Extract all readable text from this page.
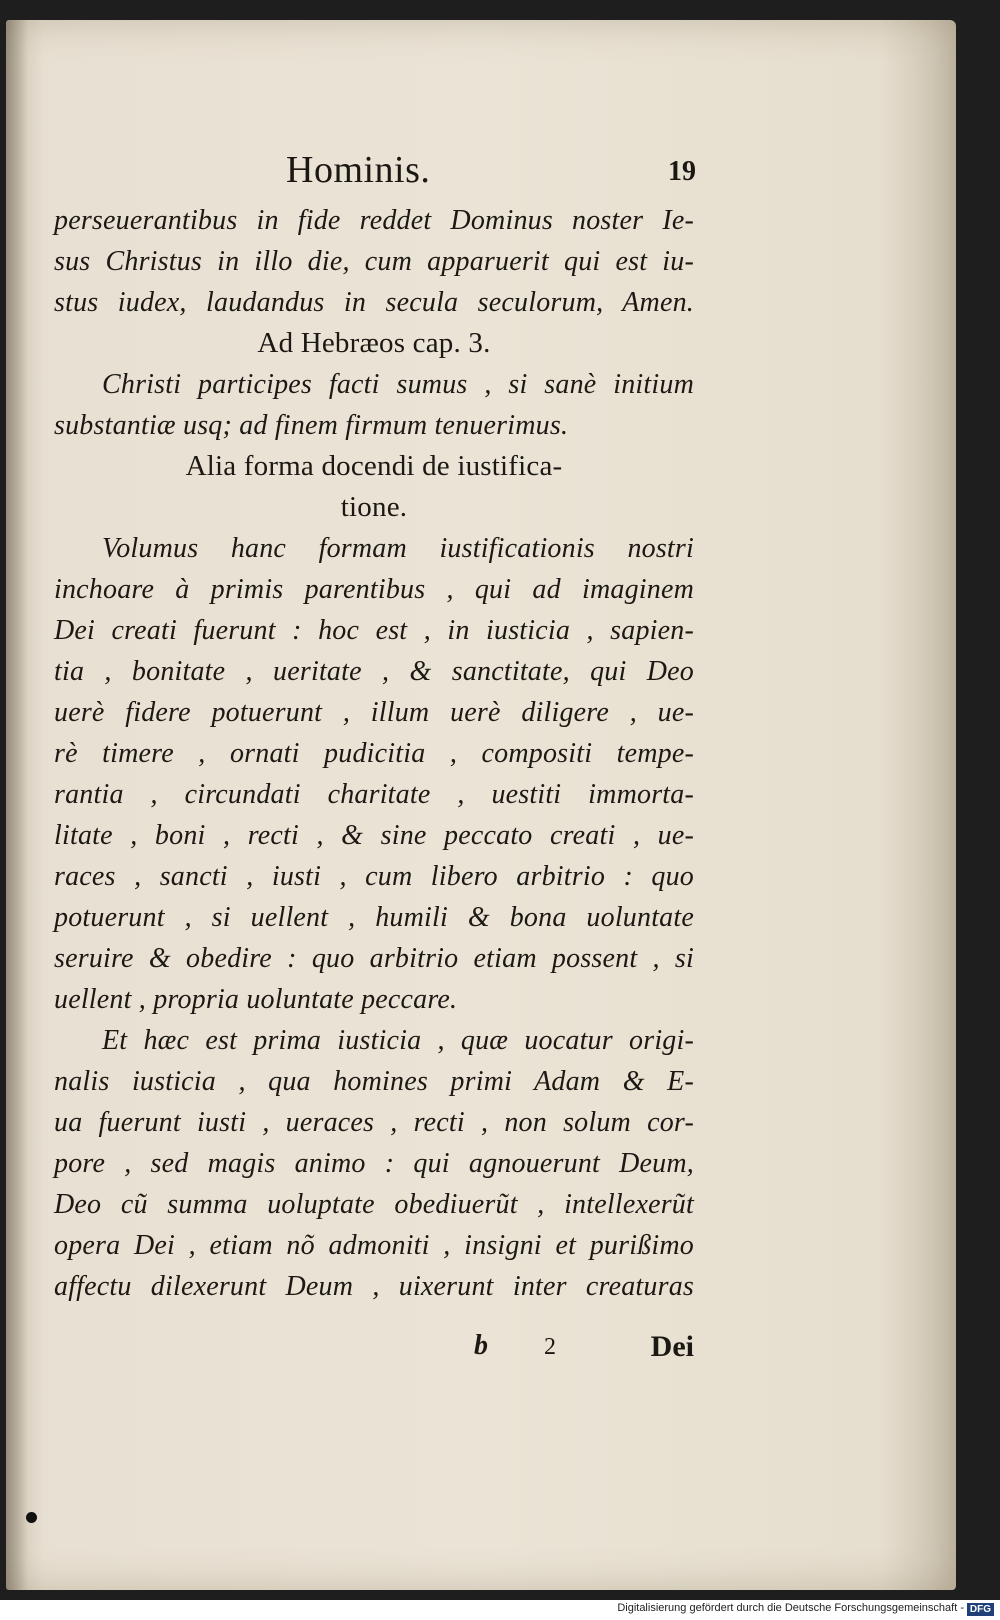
Hominis.	19
perseuerantibus in fide reddet Dominus noster Ie-
sus Christus in illo die, cum apparuerit qui est iu-
stus iudex, laudandus in secula seculorum, Amen.
Ad Hebræos cap. 3.
Christi participes facti sumus , si sanè initium
substantiæ usq; ad finem firmum tenuerimus.
Alia forma docendi de iustifica-
tione.
Volumus hanc formam iustificationis nostri
inchoare à primis parentibus , qui ad imaginem
Dei creati fuerunt : hoc est , in iusticia , sapien-
tia , bonitate , ueritate , & sanctitate, qui Deo
uerè fidere potuerunt , illum uerè diligere , ue-
rè timere , ornati pudicitia , compositi tempe-
rantia , circundati charitate , uestiti immorta-
litate , boni , recti , & sine peccato creati , ue-
races , sancti , iusti , cum libero arbitrio : quo
potuerunt , si uellent , humili & bona uoluntate
seruire & obedire : quo arbitrio etiam possent , si
uellent , propria uoluntate peccare.
Et hæc est prima iusticia , quæ uocatur origi-
nalis iusticia , qua homines primi Adam & E-
ua fuerunt iusti , ueraces , recti , non solum cor-
pore , sed magis animo : qui agnouerunt Deum,
Deo cũ summa uoluptate obediuerũt , intellexerũt
opera Dei , etiam nõ admoniti , insigni et purißimo
affectu dilexerunt Deum , uixerunt inter creaturas
b 2	Dei
Digitalisierung gefördert durch die Deutsche Forschungsgemeinschaft - DFG
